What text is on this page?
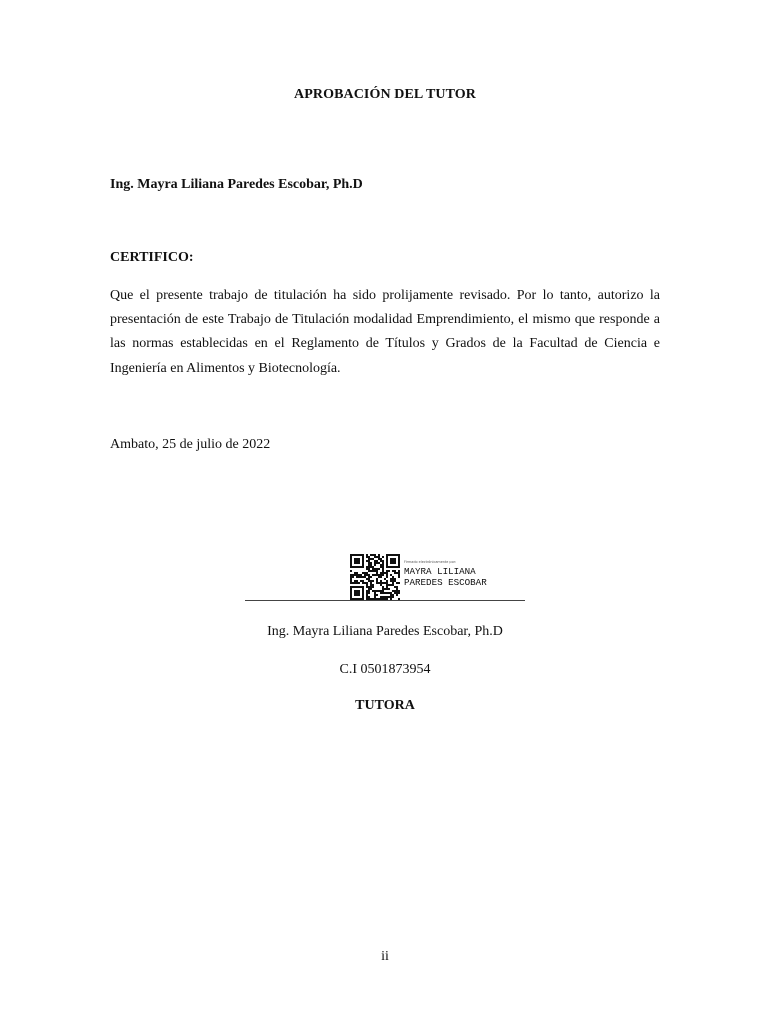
APROBACIÓN DEL TUTOR
Ing. Mayra Liliana Paredes Escobar, Ph.D
CERTIFICO:
Que el presente trabajo de titulación ha sido prolijamente revisado. Por lo tanto, autorizo la presentación de este Trabajo de Titulación modalidad Emprendimiento, el mismo que responde a las normas establecidas en el Reglamento de Títulos y Grados de la Facultad de Ciencia e Ingeniería en Alimentos y Biotecnología.
Ambato, 25 de julio de 2022
Firmado electrónicamente por:
MAYRA LILIANA
PAREDES ESCOBAR
Ing. Mayra Liliana Paredes Escobar, Ph.D
C.I 0501873954
TUTORA
ii
